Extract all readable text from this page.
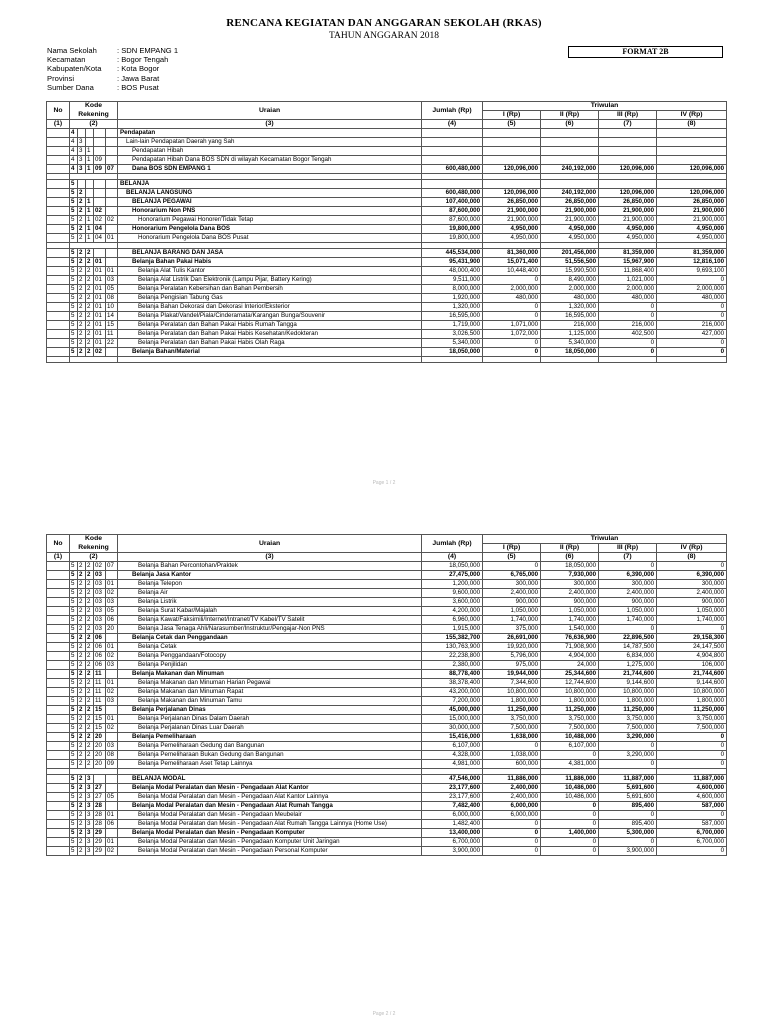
RENCANA KEGIATAN DAN ANGGARAN SEKOLAH (RKAS)
TAHUN ANGGARAN 2018
Nama Sekolah	: SDN EMPANG 1
Kecamatan	: Bogor Tengah
Kabupaten/Kota	: Kota Bogor
Provinsi	: Jawa Barat
Sumber Dana	: BOS Pusat
FORMAT 2B
No	Kode					Uraian	Jumlah (Rp)	Triwulan			
	Rekening							I (Rp)	II (Rp)	III (Rp)	IV (Rp)
(1)	(2)					(3)	(4)	(5)	(6)	(7)	(8)
	4					Pendapatan					
	4	3				Lain-lain Pendapatan Daerah yang Sah					
	4	3	1			Pendapatan Hibah					
	4	3	1	09		Pendapatan Hibah Dana BOS SDN di wilayah Kecamatan Bogor Tengah					
	4	3	1	09	07	Dana BOS SDN EMPANG 1	600,480,000	120,096,000	240,192,000	120,096,000	120,096,000

	5					BELANJA					
	5	2				BELANJA LANGSUNG	600,480,000	120,096,000	240,192,000	120,096,000	120,096,000
	5	2	1			BELANJA PEGAWAI	107,400,000	26,850,000	26,850,000	26,850,000	26,850,000
	5	2	1	02		Honorarium Non PNS	87,600,000	21,900,000	21,900,000	21,900,000	21,900,000
	5	2	1	02	02	Honorarium Pegawai Honorer/Tidak Tetap	87,600,000	21,900,000	21,900,000	21,900,000	21,900,000
	5	2	1	04		Honorarium Pengelola Dana BOS	19,800,000	4,950,000	4,950,000	4,950,000	4,950,000
	5	2	1	04	01	Honorarium Pengelola Dana BOS Pusat	19,800,000	4,950,000	4,950,000	4,950,000	4,950,000

	5	2	2			BELANJA BARANG DAN JASA	445,534,000	81,360,000	201,456,000	81,359,000	81,359,000
	5	2	2	01		Belanja Bahan Pakai Habis	95,431,900	15,071,400	51,556,500	15,967,900	12,816,100
	5	2	2	01	01	Belanja Alat Tulis Kantor	48,000,400	10,448,400	15,990,500	11,868,400	9,693,100
	5	2	2	01	03	Belanja Alat Listrik Dan Elektronik (Lampu Pijar, Battery Kering)	9,511,000	0	8,490,000	1,021,000	0
	5	2	2	01	05	Belanja Peralatan Kebersihan dan Bahan Pembersih	8,000,000	2,000,000	2,000,000	2,000,000	2,000,000
	5	2	2	01	08	Belanja Pengisian Tabung Gas	1,920,000	480,000	480,000	480,000	480,000
	5	2	2	01	10	Belanja Bahan Dekorasi dan Dekorasi Interior/Eksterior	1,320,000	0	1,320,000	0	0
	5	2	2	01	14	Belanja Plakat/Vandel/Piala/Cinderamata/Karangan Bunga/Souvenir	16,595,000	0	16,595,000	0	0
	5	2	2	01	15	Belanja Peralatan dan Bahan Pakai Habis Rumah Tangga	1,719,000	1,071,000	216,000	216,000	216,000
	5	2	2	01	11	Belanja Peralatan dan Bahan Pakai Habis Kesehatan/Kedokteran	3,026,500	1,072,000	1,125,000	402,500	427,000
	5	2	2	01	22	Belanja Peralatan dan Bahan Pakai Habis Olah Raga	5,340,000	0	5,340,000	0	0
	5	2	2	02		Belanja Bahan/Material	18,050,000	0	18,050,000	0	0

Page 1 / 2
No	Kode					Uraian	Jumlah (Rp)	Triwulan			
	Rekening							I (Rp)	II (Rp)	III (Rp)	IV (Rp)
(1)	(2)					(3)	(4)	(5)	(6)	(7)	(8)
	5	2	2	02	07	Belanja Bahan Percontohan/Praktek	18,050,000	0	18,050,000	0	0
	5	2	2	03		Belanja Jasa Kantor	27,475,000	6,765,000	7,930,000	6,390,000	6,390,000
	5	2	2	03	01	Belanja Telepon	1,200,000	300,000	300,000	300,000	300,000
	5	2	2	03	02	Belanja Air	9,600,000	2,400,000	2,400,000	2,400,000	2,400,000
	5	2	2	03	03	Belanja Listrik	3,600,000	900,000	900,000	900,000	900,000
	5	2	2	03	05	Belanja Surat Kabar/Majalah	4,200,000	1,050,000	1,050,000	1,050,000	1,050,000
	5	2	2	03	06	Belanja Kawat/Faksimili/Internet/Intranet/TV Kabel/TV Satelit	6,960,000	1,740,000	1,740,000	1,740,000	1,740,000
	5	2	2	03	20	Belanja Jasa Tenaga Ahli/Narasumber/Instruktur/Pengajar-Non PNS	1,915,000	375,000	1,540,000	0	0
	5	2	2	06		Belanja Cetak dan Penggandaan	155,382,700	26,691,000	76,636,900	22,896,500	29,158,300
	5	2	2	06	01	Belanja Cetak	130,763,900	19,920,000	71,908,900	14,787,500	24,147,500
	5	2	2	06	02	Belanja Penggandaan/Fotocopy	22,238,800	5,796,000	4,904,000	6,834,000	4,904,800
	5	2	2	06	03	Belanja Penjilidan	2,380,000	975,000	24,000	1,275,000	106,000
	5	2	2	11		Belanja Makanan dan Minuman	88,778,400	19,944,000	25,344,600	21,744,600	21,744,600
	5	2	2	11	01	Belanja Makanan dan Minuman Harian Pegawai	38,378,400	7,344,600	12,744,600	9,144,600	9,144,600
	5	2	2	11	02	Belanja Makanan dan Minuman Rapat	43,200,000	10,800,000	10,800,000	10,800,000	10,800,000
	5	2	2	11	03	Belanja Makanan dan Minuman Tamu	7,200,000	1,800,000	1,800,000	1,800,000	1,800,000
	5	2	2	15		Belanja Perjalanan Dinas	45,000,000	11,250,000	11,250,000	11,250,000	11,250,000
	5	2	2	15	01	Belanja Perjalanan Dinas Dalam Daerah	15,000,000	3,750,000	3,750,000	3,750,000	3,750,000
	5	2	2	15	02	Belanja Perjalanan Dinas Luar Daerah	30,000,000	7,500,000	7,500,000	7,500,000	7,500,000
	5	2	2	20		Belanja Pemeliharaan	15,416,000	1,638,000	10,488,000	3,290,000	0
	5	2	2	20	03	Belanja Pemeliharaan Gedung dan Bangunan	6,107,000	0	6,107,000	0	0
	5	2	2	20	08	Belanja Pemeliharaan Bukan Gedung dan Bangunan	4,328,000	1,038,000	0	3,290,000	0
	5	2	2	20	09	Belanja Pemeliharaan Aset Tetap Lainnya	4,981,000	600,000	4,381,000	0	0

	5	2	3			BELANJA MODAL	47,546,000	11,886,000	11,886,000	11,887,000	11,887,000
	5	2	3	27		Belanja Modal Peralatan dan Mesin - Pengadaan Alat Kantor	23,177,600	2,400,000	10,486,000	5,691,600	4,600,000
	5	2	3	27	05	Belanja Modal Peralatan dan Mesin - Pengadaan Alat Kantor Lainnya	23,177,600	2,400,000	10,486,000	5,691,600	4,600,000
	5	2	3	28		Belanja Modal Peralatan dan Mesin - Pengadaan Alat Rumah Tangga	7,482,400	6,000,000	0	895,400	587,000
	5	2	3	28	01	Belanja Modal Peralatan dan Mesin - Pengadaan Meubelair	6,000,000	6,000,000	0	0	0
	5	2	3	28	06	Belanja Modal Peralatan dan Mesin - Pengadaan Alat Rumah Tangga Lainnya (Home Use)	1,482,400	0	0	895,400	587,000
	5	2	3	29		Belanja Modal Peralatan dan Mesin - Pengadaan Komputer	13,400,000	0	1,400,000	5,300,000	6,700,000
	5	2	3	29	01	Belanja Modal Peralatan dan Mesin - Pengadaan Komputer Unit Jaringan	6,700,000	0	0	0	6,700,000
	5	2	3	29	02	Belanja Modal Peralatan dan Mesin - Pengadaan Personal Komputer	3,900,000	0	0	3,900,000	0
Page 2 / 2
